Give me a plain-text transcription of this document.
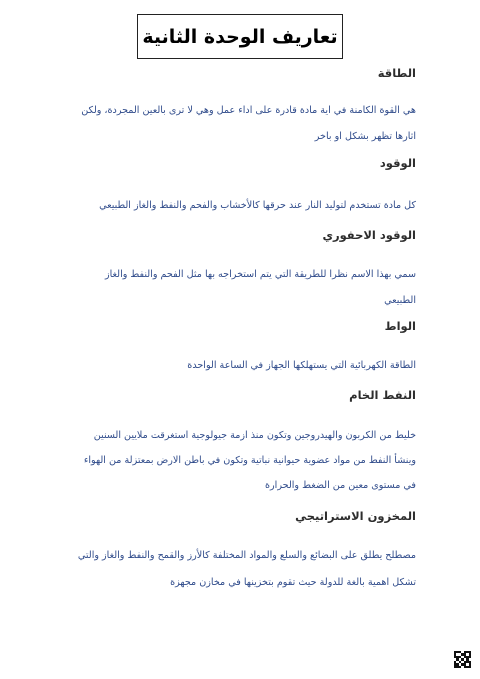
تعاريف الوحدة الثانية
الطاقة
هي القوة الكامنة في اية مادة قادرة على اداء عمل وهي لا ترى بالعين المجردة، ولكن
اثارها تظهر بشكل او باخر
الوقود
كل مادة تستخدم لتوليد النار عند حرقها كالأخشاب والفحم والنفط والغاز الطبيعي
الوقود الاحفوري
سمي بهذا الاسم نظرا للطريقة التي يتم استخراجه بها مثل الفحم والنفط والغاز
الطبيعي
الواط
الطاقة الكهربائية التي يستهلكها الجهاز في الساعة الواحدة
النفط الخام
خليط من الكربون والهيدروجين وتكون منذ ازمة جيولوجية استغرقت ملايين السنين
وينشأ النفط من مواد عضوية حيوانية نباتية وتكون في باطن الارض بمعتزلة من الهواء
في مستوى معين من الضغط والحرارة
المخزون الاستراتيجي
مصطلح يطلق على البضائع والسلع والمواد المختلفة كالأرز والقمح والنفط والغاز والتي
تشكل اهمية بالغة للدولة حيث تقوم بتخزينها في مخازن مجهزة
